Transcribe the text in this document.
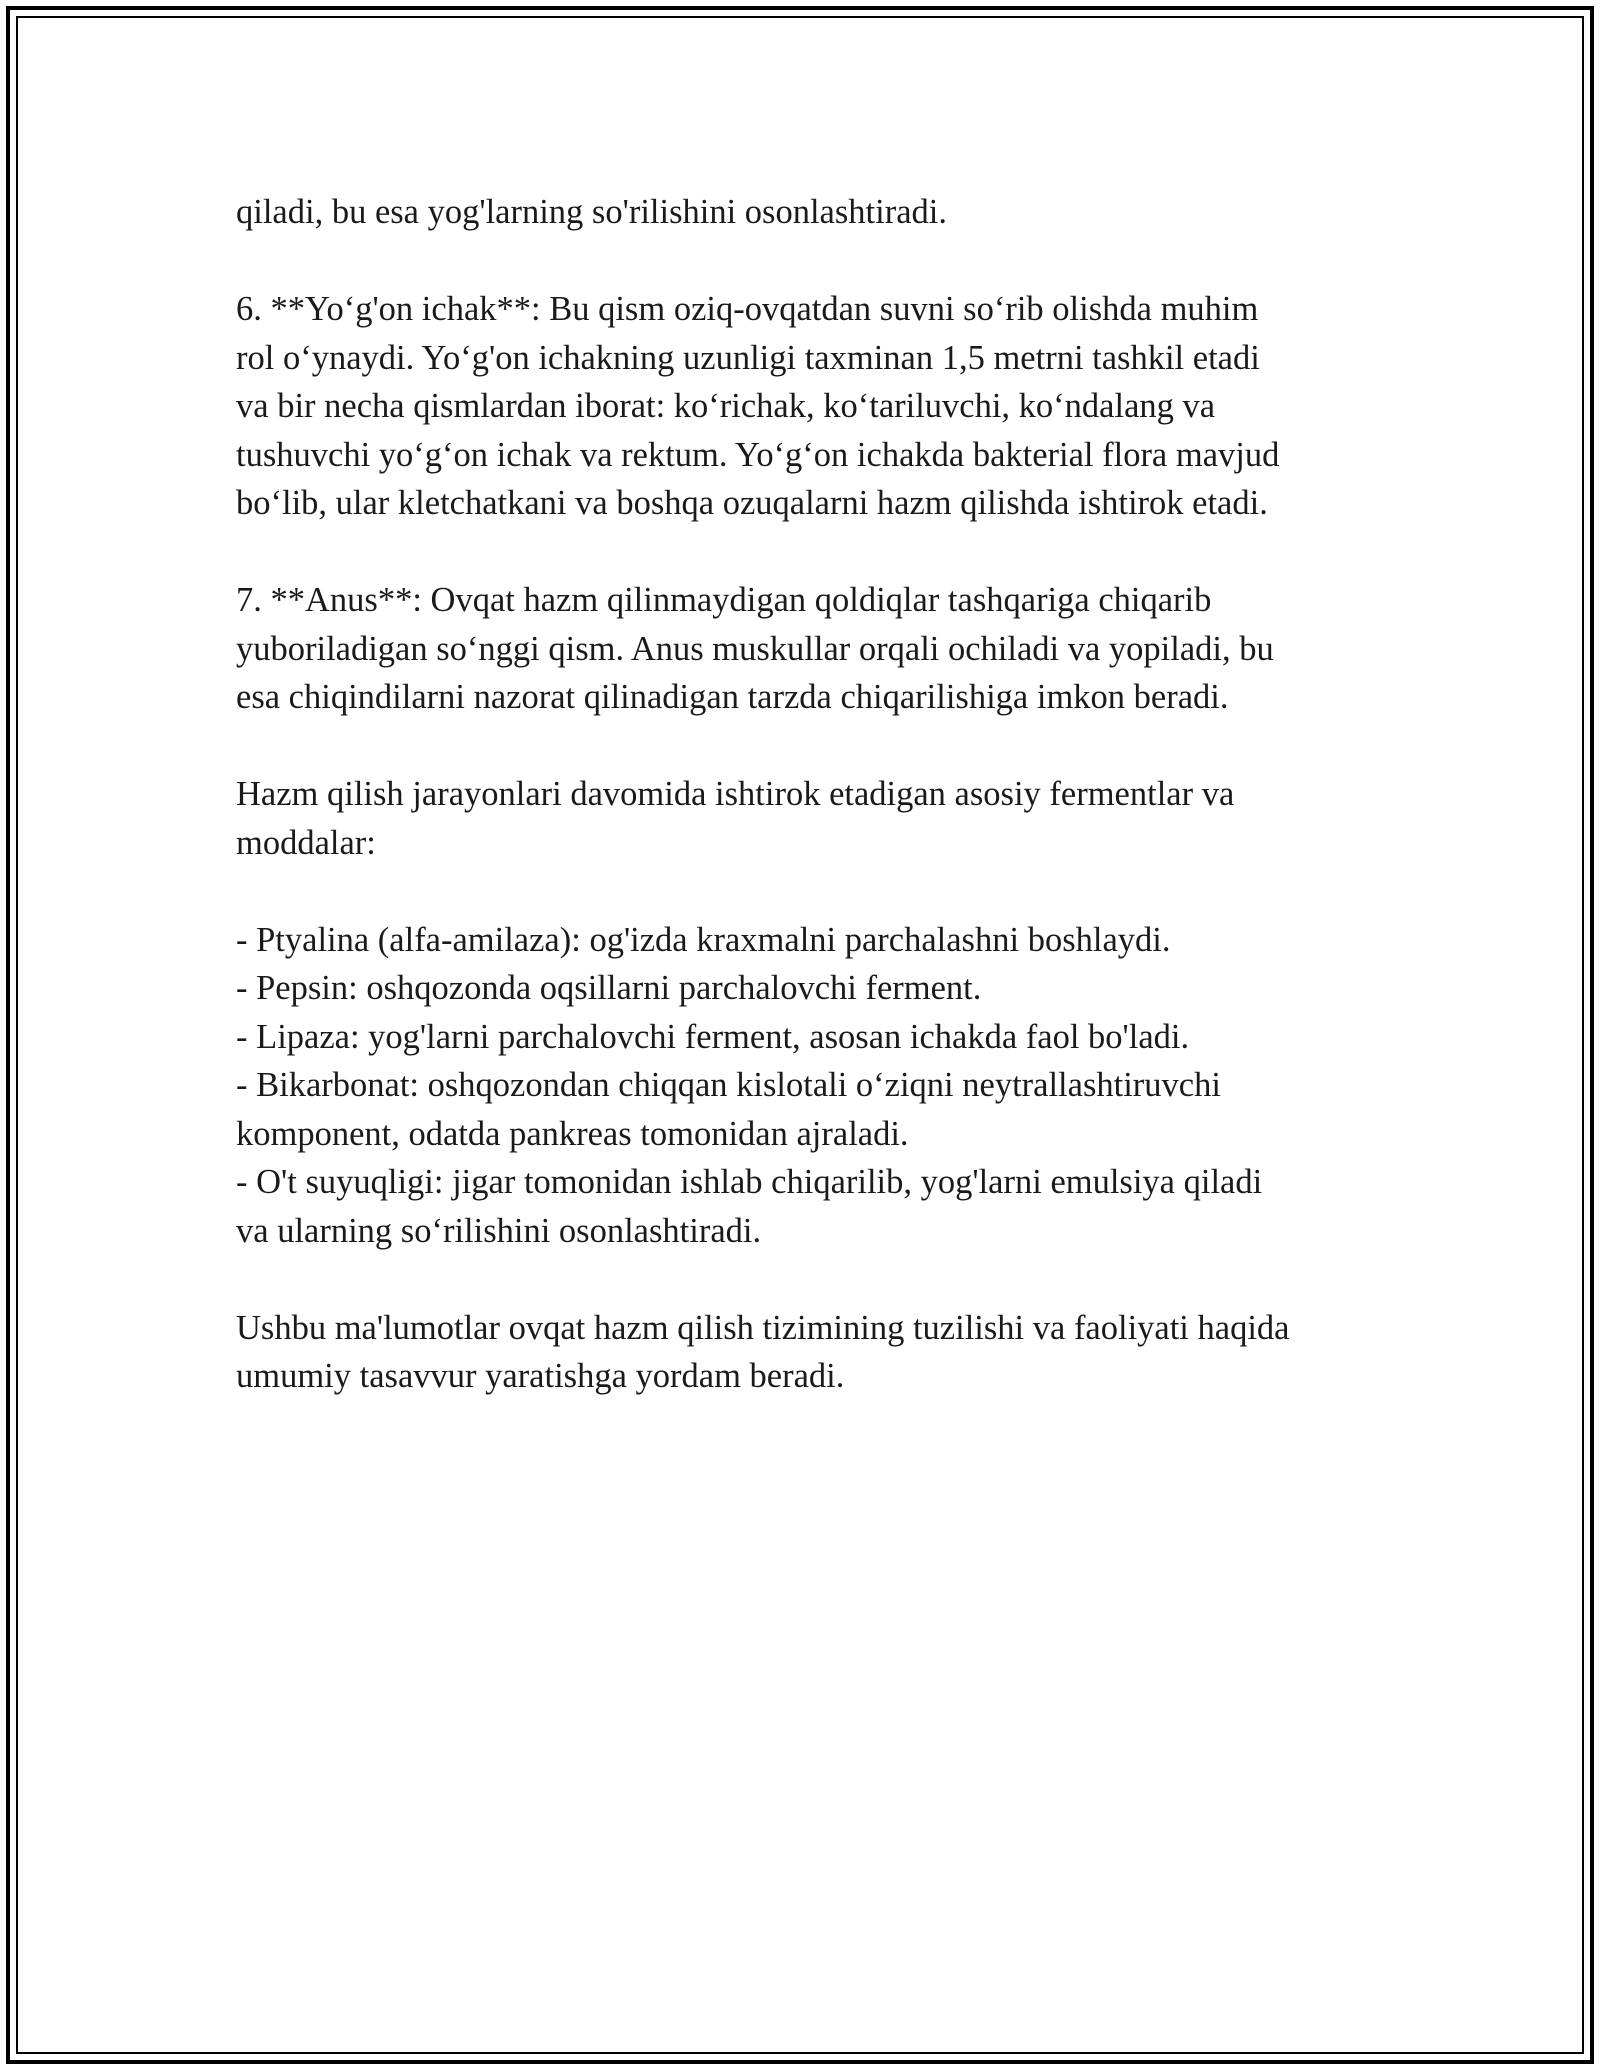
qiladi, bu esa yog'larning so'rilishini osonlashtiradi.

6. **Yo‘g'on ichak**: Bu qism oziq-ovqatdan suvni so‘rib olishda muhim
rol o‘ynaydi. Yo‘g'on ichakning uzunligi taxminan 1,5 metrni tashkil etadi
va bir necha qismlardan iborat: ko‘richak, ko‘tariluvchi, ko‘ndalang va
tushuvchi yo‘g‘on ichak va rektum. Yo‘g‘on ichakda bakterial flora mavjud
bo‘lib, ular kletchatkani va boshqa ozuqalarni hazm qilishda ishtirok etadi.

7. **Anus**: Ovqat hazm qilinmaydigan qoldiqlar tashqariga chiqarib
yuboriladigan so‘nggi qism. Anus muskullar orqali ochiladi va yopiladi, bu
esa chiqindilarni nazorat qilinadigan tarzda chiqarilishiga imkon beradi.

Hazm qilish jarayonlari davomida ishtirok etadigan asosiy fermentlar va
moddalar:

- Ptyalina (alfa-amilaza): og'izda kraxmalni parchalashni boshlaydi.
- Pepsin: oshqozonda oqsillarni parchalovchi ferment.
- Lipaza: yog'larni parchalovchi ferment, asosan ichakda faol bo'ladi.
- Bikarbonat: oshqozondan chiqqan kislotali o‘ziqni neytrallashtiruvchi
komponent, odatda pankreas tomonidan ajraladi.
- O't suyuqligi: jigar tomonidan ishlab chiqarilib, yog'larni emulsiya qiladi
va ularning so‘rilishini osonlashtiradi.

Ushbu ma'lumotlar ovqat hazm qilish tizimining tuzilishi va faoliyati haqida
umumiy tasavvur yaratishga yordam beradi.
